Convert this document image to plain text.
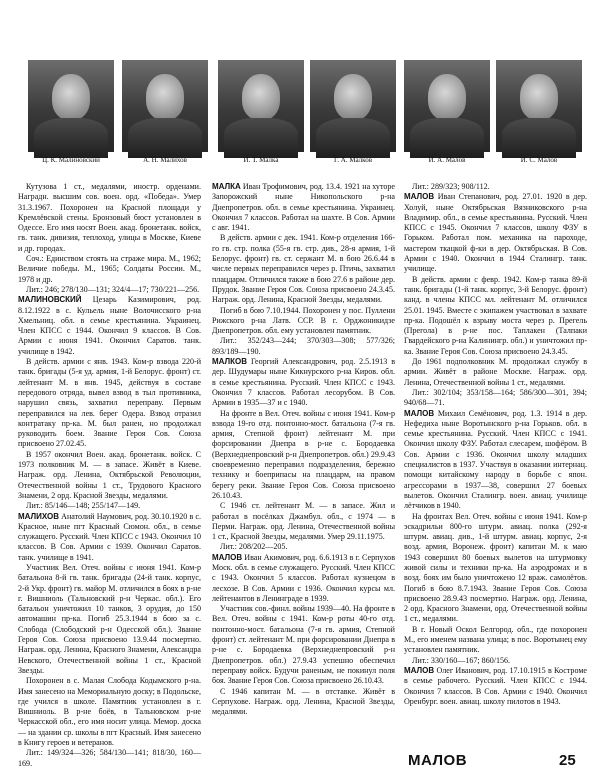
Ц. К. Малиновский	А. Н. Малихов	И. Т. Малка	Г. А. Малков	И. А. Малов	И. С. Малов

Кутузова 1 ст., медалями, иностр. орденами. Наградн. высшим сов. воен. орд. «Победа». Умер 31.3.1967. Похоронен на Красной площади у Кремлёвской стены. Бронзовый бюст установлен в Одессе. Его имя носят Воен. акад. бронетанк. войск, гв. танк. дивизия, теплоход, улицы в Москве, Киеве и др. городах.

Соч.: Единством стоять на страже мира. М., 1962; Величие победы. М., 1965; Солдаты России. М., 1978 и др.

Лит.: 246; 278/130—131; 324/4—17; 730/221—256.

МАЛИНОВСКИЙ Цезарь Казимирович, род. 8.12.1922 в с. Кульель ныне Волочисского р-на Хмельниц. обл. в семье крестьянина. Украинец. Член КПСС с 1944. Окончил 9 классов. В Сов. Армии с июня 1941. Окончил Саратов. танк. училище в 1942.

В действ. армии с янв. 1943. Ком-р взвода 220-й танк. бригады (5-я уд. армия, 1-й Белорус. фронт) ст. лейтенант М. в янв. 1945, действуя в составе передового отряда, вывел взвод в тыл противника, нарушил связь, захватил переправу. Первым переправился на лев. берег Одера. Взвод отразил контратаку пр-ка. М. был ранен, но продолжал руководить боем. Звание Героя Сов. Союза присвоено 27.02.45.

В 1957 окончил Воен. акад. бронетанк. войск. С 1973 полковник М. — в запасе. Живёт в Киеве. Награж. орд. Ленина, Октябрьской Революции, Отечественной войны 1 ст., Трудового Красного Знамени, 2 орд. Красной Звезды, медалями.

Лит.: 85/146—148; 255/147—149.

МАЛИХОВ Анатолий Наумович, род. 30.10.1920 в с. Красное, ныне пгт Красный Сюмон. обл., в семье служащего. Русский. Член КПСС с 1943. Окончил 10 классов. В Сов. Армии с 1939. Окончил Саратов. танк. училище в 1941.

Участник Вел. Отеч. войны с июня 1941. Ком-р батальона 8-й гв. танк. бригады (24-й танк. корпус, 2-й Укр. фронт) гв. майор М. отличился в боях в р-не г. Вишниоль (Тальновский р-н Черкас. обл.). Его батальон уничтожил 10 танков, 3 орудия, до 150 автомашин пр-ка. Погиб 25.3.1944 в бою за с. Слобода (Слободский р-н Одесской обл.). Звание Героя Сов. Союза присвоено 13.9.44 посмертно. Награж. орд. Ленина, Красного Знамени, Александра Невского, Отечественной войны 1 ст., Красной Звезды.

Похоронен в с. Малая Слобода Кодымского р-на. Имя занесено на Мемориальную доску; в Подольске, где учился в школе. Памятник установлен в г. Вишниоль. В р-не боёв, в Тальновском р-не Черкасской обл., его имя носит улица. Мемор. доска — на здании ср. школы в пгт Красный. Имя занесено в Книгу героев и ветеранов.

Лит.: 149/324—326; 584/130—141; 818/30, 160—169.

МАЛКА Иван Трофимович, род. 13.4. 1921 на хуторе Запорожский ныне Никопольского р-на Днепропетров. обл. в семье крестьянина. Украинец. Окончил 7 классов. Работал на шахте. В Сов. Армии с авг. 1941.

В действ. армии с дек. 1941. Ком-р отделения 166-го гв. стр. полка (55-я гв. стр. див., 28-я армия, 1-й Белорус. фронт) гв. ст. сержант М. в бою 26.6.44 в числе первых переправился через р. Птичь, захватил плацдарм. Отличился также в бою 27.6 в районе дер. Прудок. Звание Героя Сов. Союза присвоено 24.3.45. Награж. орд. Ленина, Красной Звезды, медалями.

Погиб в бою 7.10.1944. Похоронен у пос. Пуллени Рижского р-на Латв. ССР. В г. Орджоникидзе Днепропетров. обл. ему установлен памятник.

Лит.: 352/243—244; 370/303—308; 577/326; 893/189—190.

МАЛКОВ Георгий Александрович, род. 2.5.1913 в дер. Шудумары ныне Кикнурского р-на Киров. обл. в семье крестьянина. Русский. Член КПСС с 1943. Окончил 7 классов. Работал лесорубом. В Сов. Армии в 1935—37 и с 1940.

На фронте в Вел. Отеч. войны с июня 1941. Ком-р взвода 19-го отд. понтонно-мост. батальона (7-я гв. армия, Степной фронт) лейтенант М. при форсировании Днепра в р-не с. Бородаевка (Верхнеднепровский р-н Днепропетров. обл.) 29.9.43 своевременно переправил подразделения, бережно технику и боеприпасы на плацдарм, на правом берегу реки. Звание Героя Сов. Союза присвоено 26.10.43.

С 1946 ст. лейтенант М. — в запасе. Жил и работал в посёлках Джамбул. обл., с 1974 — в Перми. Награж. орд. Ленина, Отечественной войны 1 ст., Красной Звезды, медалями. Умер 29.11.1975.

Лит.: 208/202—205.

МАЛОВ Иван Акимович, род. 6.6.1913 в г. Серпухов Моск. обл. в семье служащего. Русский. Член КПСС с 1943. Окончил 5 классов. Работал кузнецом в лесхозе. В Сов. Армии с 1936. Окончил курсы мл. лейтенантов в Ленинграде в 1939.

Участник сов.-финл. войны 1939—40. На фронте в Вел. Отеч. войны с 1941. Ком-р роты 40-го отд. понтонно-мост. батальона (7-я гв. армия, Степной фронт) ст. лейтенант М. при форсировании Днепра в р-не с. Бородаевка (Верхнеднепровский р-н Днепропетров. обл.) 27.9.43 успешно обеспечил переправу войск. Будучи раненым, не покинул поля боя. Звание Героя Сов. Союза присвоено 26.10.43.

С 1946 капитан М. — в отставке. Живёт в Серпухове. Награж. орд. Ленина, Красной Звезды, медалями.

Лит.: 289/323; 908/112.

МАЛОВ Иван Степанович, род. 27.01. 1920 в дер. Холуй, ныне Октябрьская Вязниковского р-на Владимир. обл., в семье крестьянина. Русский. Член КПСС с 1945. Окончил 7 классов, школу ФЗУ в Горьком. Работал пом. механика на пароходе, мастером ткацкой ф-ки в дер. Октябрьская. В Сов. Армии с 1940. Окончил в 1944 Сталингр. танк. училище.

В действ. армии с февр. 1942. Ком-р танка 89-й танк. бригады (1-й танк. корпус, 3-й Белорус. фронт) канд. в члены КПСС мл. лейтенант М. отличился 25.01. 1945. Вместе с экипажем участвовал в захвате пр-ка. Подошёл к взрыву моста через р. Прегель (Прегола) в р-не пос. Таплакен (Талпаки Гвардейского р-на Калинингр. обл.) и уничтожил пр-ка. Звание Героя Сов. Союза присвоено 24.3.45.

До 1961 подполковник М. продолжал службу в армии. Живёт в районе Москве. Награж. орд. Ленина, Отечественной войны 1 ст., медалями.

Лит.: 302/104; 353/158—164; 586/300—301, 394; 940/68—71.

МАЛОВ Михаил Семёнович, род. 1.3. 1914 в дер. Нефедиха ныне Воротынского р-на Горьков. обл. в семье крестьянина. Русский. Член КПСС с 1941. Окончил школу ФЗУ. Работал слесарем, шофёром. В Сов. Армии с 1936. Окончил школу младших специалистов в 1937. Участвуя в оказании интернац. помощи китайскому народу в борьбе с япон. агрессорами в 1937—38, совершил 27 боевых вылетов. Окончил Сталингр. воен. авиац. училище лётчиков в 1940.

На фронтах Вел. Отеч. войны с июня 1941. Ком-р эскадрильи 800-го штурм. авиац. полка (292-я штурм. авиац. див., 1-й штурм. авиац. корпус, 2-я возд. армия, Воронеж. фронт) капитан М. к маю 1943 совершил 80 боевых вылетов на штурмовку живой силы и техники пр-ка. На аэродромах и в возд. боях им было уничтожено 12 враж. самолётов. Погиб в бою 8.7.1943. Звание Героя Сов. Союза присвоено 28.9.43 посмертно. Награж. орд. Ленина, 2 орд. Красного Знамени, орд. Отечественной войны 1 ст., медалями.

В г. Новый Оскол Белгород. обл., где похоронен М., его именем названа улица; в пос. Воротынец ему установлен памятник.

Лит.: 330/160—167; 860/156.

МАЛОВ Олег Иванович, род. 17.10.1915 в Костроме в семье рабочего. Русский. Член КПСС с 1944. Окончил 7 классов. В Сов. Армии с 1940. Окончил Оренбург. воен. авиац. школу пилотов в 1943.

МАЛОВ	25
